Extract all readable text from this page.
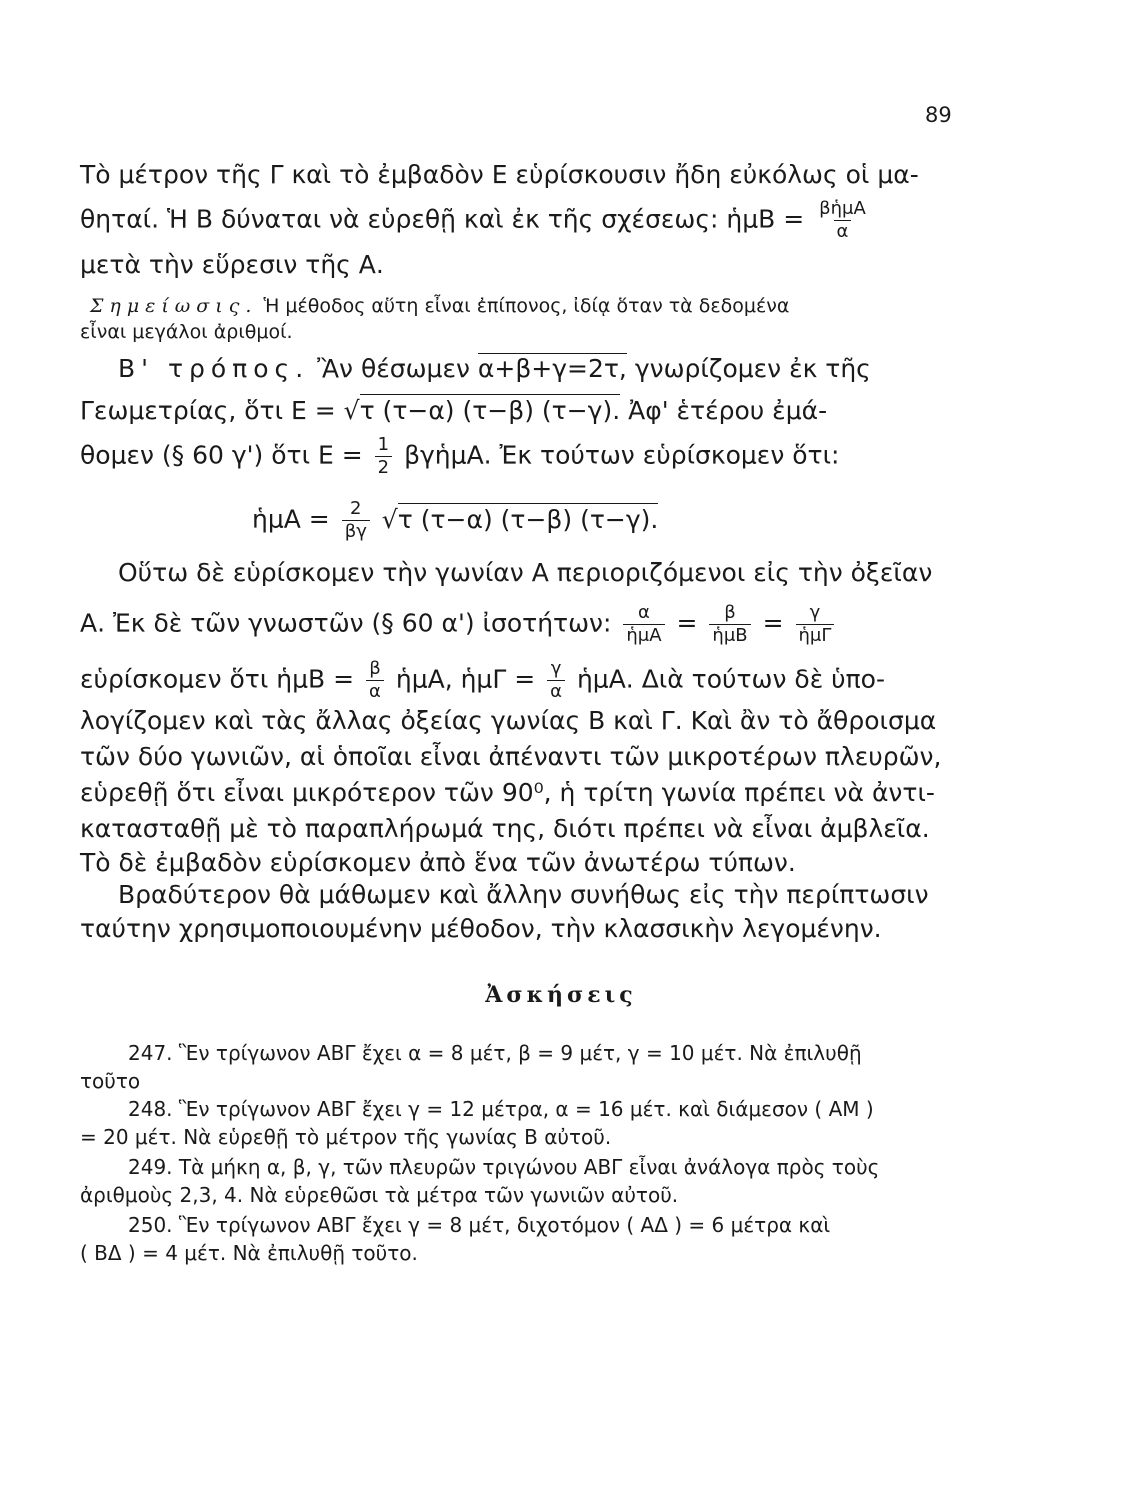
89
Τὸ μέτρον τῆς Γ καὶ τὸ ἐμβαδὸν Ε εὑρίσκουσιν ἤδη εὐκόλως οἱ μα-
θηταί. Ἡ Β δύναται νὰ εὑρεθῇ καὶ ἐκ τῆς σχέσεως: ἡμΒ = $\frac{\text{βἡμΑ}}{\alpha}$
μετὰ τὴν εὕρεσιν τῆς Α.
Σημείωσις. Ἡ μέθοδος αὕτη εἶναι ἐπίπονος, ἰδίᾳ ὅταν τὰ δεδομένα
εἶναι μεγάλοι ἀριθμοί.
Β' τρόπος. Ἂν θέσωμεν α+β+γ=2τ, γνωρίζομεν ἐκ τῆς
Γεωμετρίας, ὅτι Ε = √τ (τ−α) (τ−β) (τ−γ). Ἀφ' ἑτέρου ἐμά-
θομεν (§ 60 γ') ὅτι $E = \frac{1}{2}$ βγἡμΑ. Ἐκ τούτων εὑρίσκομεν ὅτι:
ἡμΑ = $\frac{2}{\beta\gamma} √\tau$ (τ−α) (τ−β) (τ−γ).
Οὕτω δὲ εὑρίσκομεν τὴν γωνίαν Α περιοριζόμενοι εἰς τὴν ὀξεῖαν
Α. Ἐκ δὲ τῶν γνωστῶν (§ 60 α') ἰσοτήτων: $\frac{\alpha}{\text{ἡμΑ}} = \frac{\beta}{\text{ἡμΒ}} = \frac{\gamma}{\text{ἡμΓ}}$
εὑρίσκομεν ὅτι ἡμΒ = $\frac{\beta}{\alpha}$ ἡμΑ, ἡμΓ = $\frac{\gamma}{\alpha}$ ἡμΑ. Διὰ τούτων δὲ ὑπο-
λογίζομεν καὶ τὰς ἄλλας ὀξείας γωνίας Β καὶ Γ. Καὶ ἂν τὸ ἄθροισμα
τῶν δύο γωνιῶν, αἱ ὁποῖαι εἶναι ἀπέναντι τῶν μικροτέρων πλευρῶν,
εὑρεθῇ ὅτι εἶναι μικρότερον τῶν 90⁰, ἡ τρίτη γωνία πρέπει νὰ ἀντι-
κατασταθῇ μὲ τὸ παραπλήρωμά της, διότι πρέπει νὰ εἶναι ἀμβλεῖα.
Τὸ δὲ ἐμβαδὸν εὑρίσκομεν ἀπὸ ἕνα τῶν ἀνωτέρω τύπων.
Βραδύτερον θὰ μάθωμεν καὶ ἄλλην συνήθως εἰς τὴν περίπτωσιν
ταύτην χρησιμοποιουμένην μέθοδον, τὴν κλασσικὴν λεγομένην.
Ἀσκήσεις
247. Ἓν τρίγωνον ΑΒΓ ἔχει α = 8 μέτ, β = 9 μέτ, γ = 10 μέτ. Νὰ ἐπιλυθῇ
τοῦτο
248. Ἓν τρίγωνον ΑΒΓ ἔχει γ = 12 μέτρα, α = 16 μέτ. καὶ διάμεσον ( ΑΜ )
= 20 μέτ. Νὰ εὑρεθῇ τὸ μέτρον τῆς γωνίας Β αὐτοῦ.
249. Τὰ μήκη α, β, γ, τῶν πλευρῶν τριγώνου ΑΒΓ εἶναι ἀνάλογα πρὸς τοὺς
ἀριθμοὺς 2,3, 4. Νὰ εὑρεθῶσι τὰ μέτρα τῶν γωνιῶν αὐτοῦ.
250. Ἓν τρίγωνον ΑΒΓ ἔχει γ = 8 μέτ, διχοτόμον ( ΑΔ ) = 6 μέτρα καὶ
( ΒΔ ) = 4 μέτ. Νὰ ἐπιλυθῇ τοῦτο.
